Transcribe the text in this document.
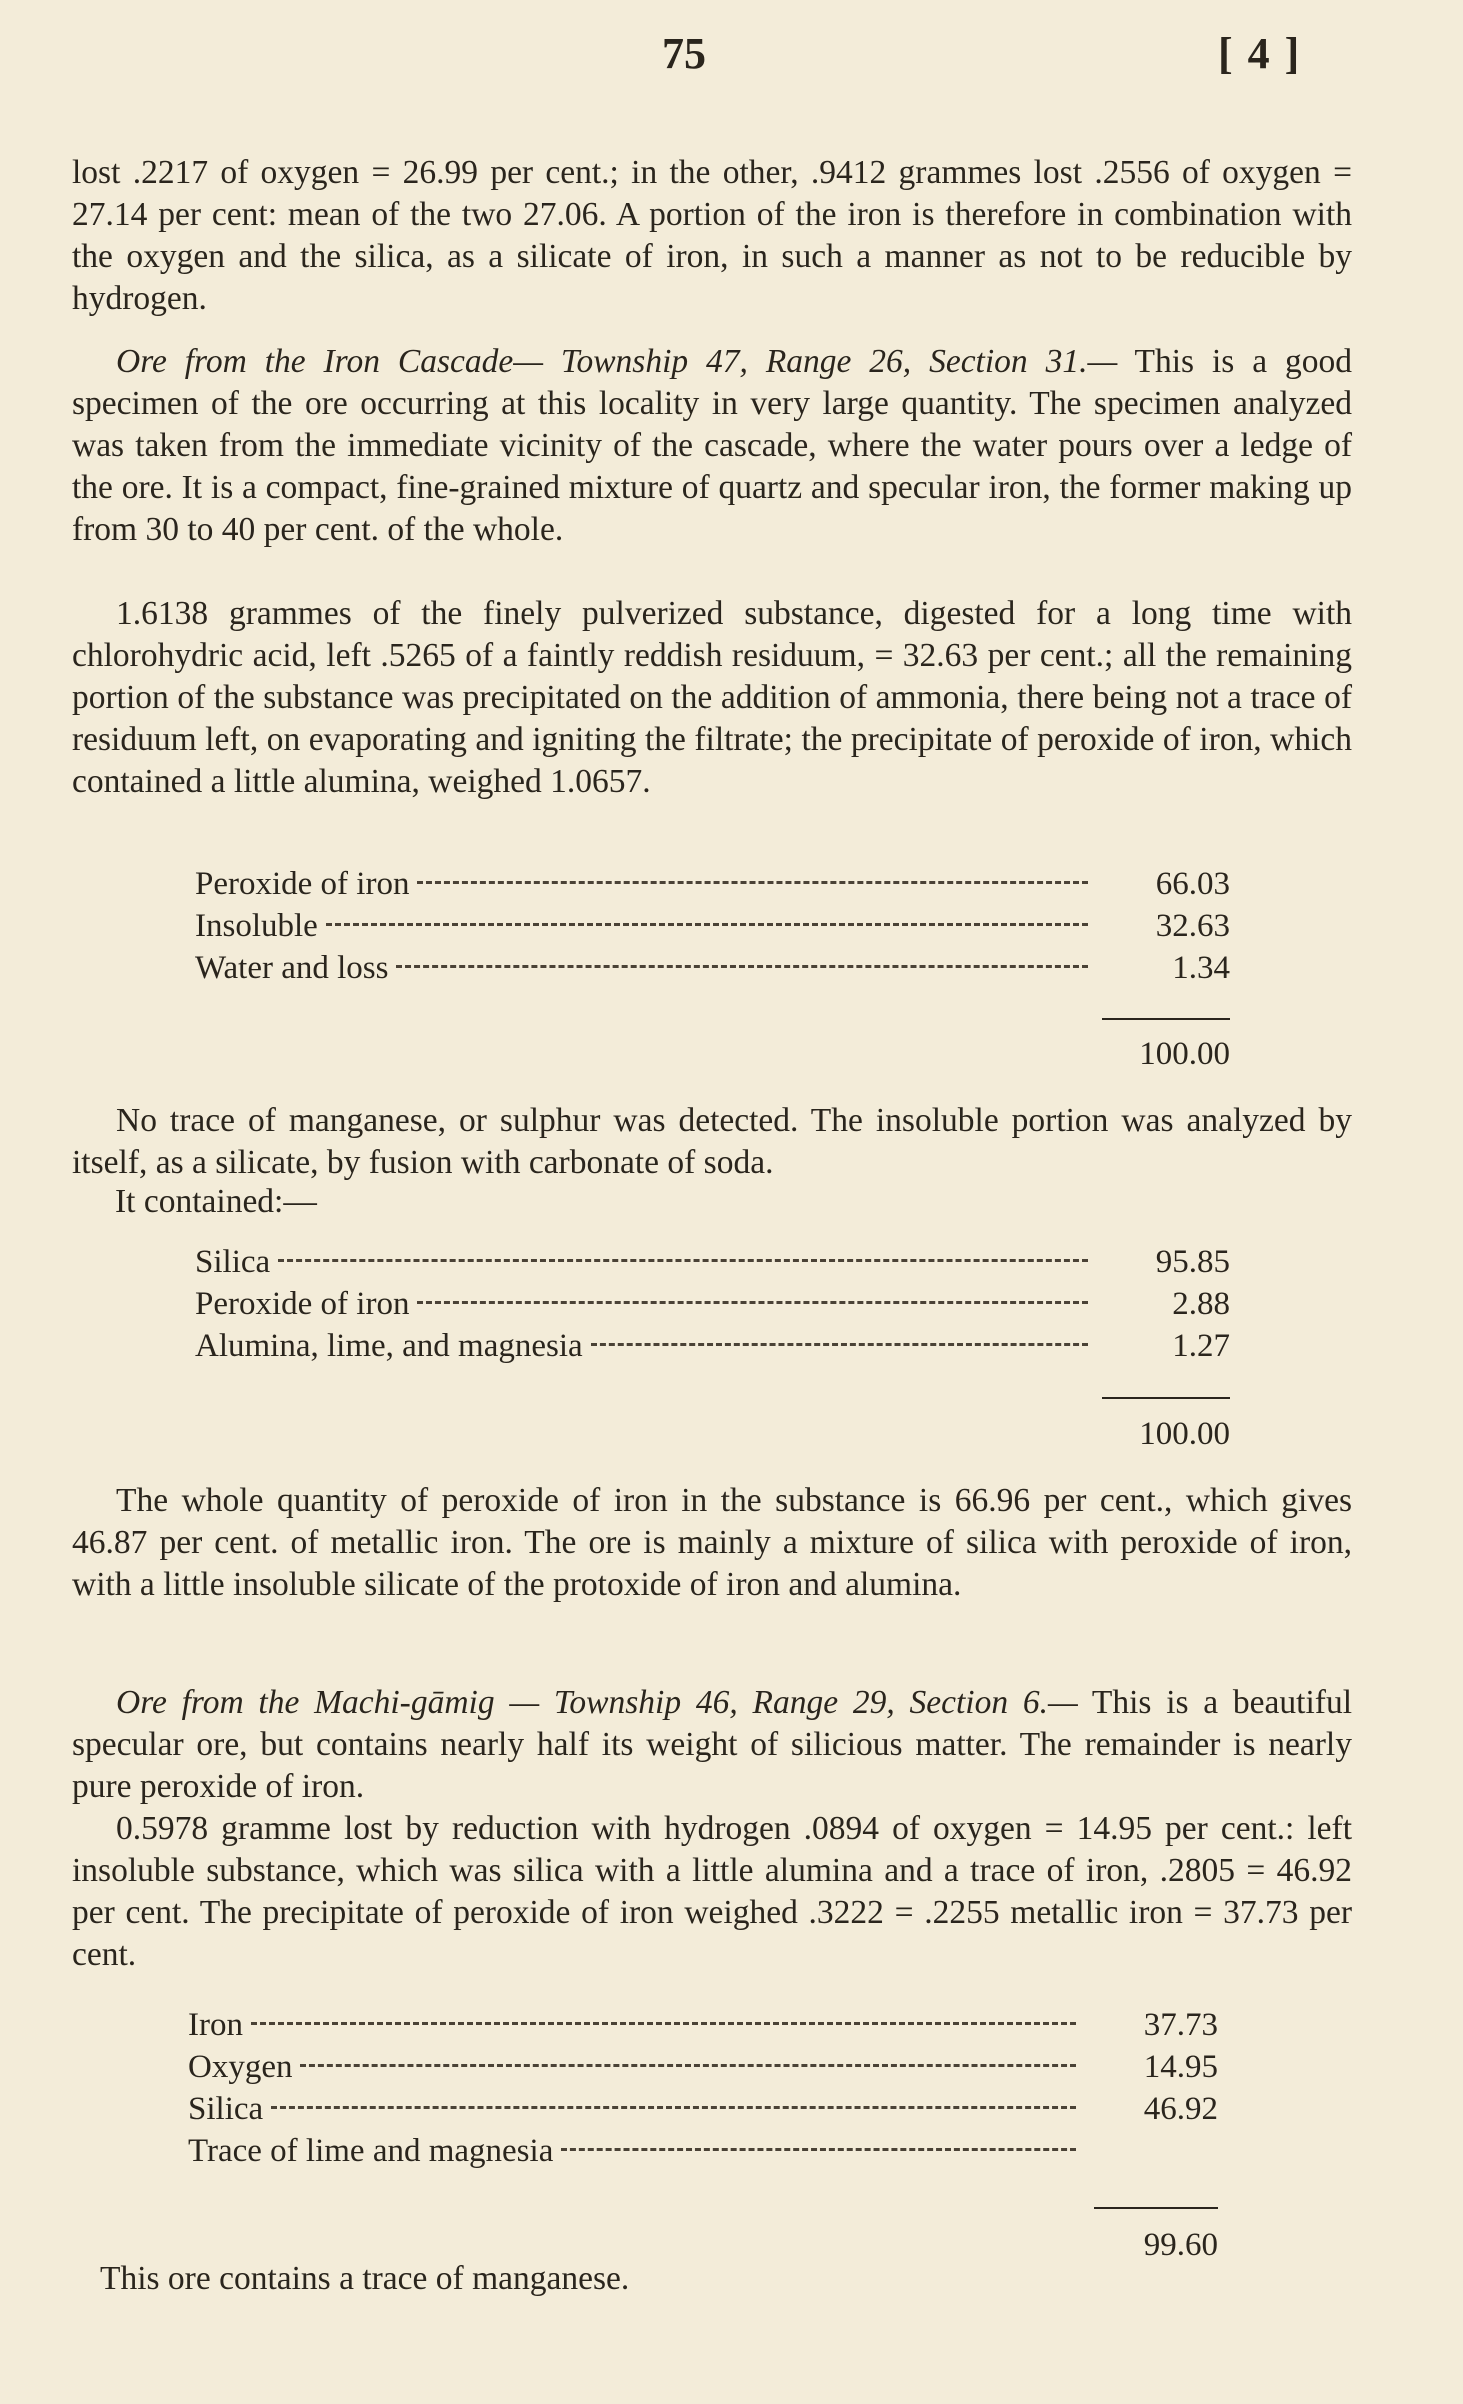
75	[ 4 ]

lost .2217 of oxygen = 26.99 per cent.; in the other, .9412 grammes lost .2556 of oxygen = 27.14 per cent: mean of the two 27.06. A portion of the iron is therefore in combination with the oxygen and the silica, as a silicate of iron, in such a manner as not to be reducible by hydrogen.

Ore from the Iron Cascade— Township 47, Range 26, Section 31.— This is a good specimen of the ore occurring at this locality in very large quantity. The specimen analyzed was taken from the immediate vicinity of the cascade, where the water pours over a ledge of the ore. It is a compact, fine-grained mixture of quartz and specular iron, the former making up from 30 to 40 per cent. of the whole.

1.6138 grammes of the finely pulverized substance, digested for a long time with chlorohydric acid, left .5265 of a faintly reddish residuum, = 32.63 per cent.; all the remaining portion of the substance was precipitated on the addition of ammonia, there being not a trace of residuum left, on evaporating and igniting the filtrate; the precipitate of peroxide of iron, which contained a little alumina, weighed 1.0657.

Peroxide of iron	66.03
Insoluble	32.63
Water and loss	1.34
100.00

No trace of manganese, or sulphur was detected. The insoluble portion was analyzed by itself, as a silicate, by fusion with carbonate of soda.

It contained:—
Silica	95.85
Peroxide of iron	2.88
Alumina, lime, and magnesia	1.27
100.00

The whole quantity of peroxide of iron in the substance is 66.96 per cent., which gives 46.87 per cent. of metallic iron. The ore is mainly a mixture of silica with peroxide of iron, with a little insoluble silicate of the protoxide of iron and alumina.

Ore from the Machi-gāmig — Township 46, Range 29, Section 6.— This is a beautiful specular ore, but contains nearly half its weight of silicious matter. The remainder is nearly pure peroxide of iron.

0.5978 gramme lost by reduction with hydrogen .0894 of oxygen = 14.95 per cent.: left insoluble substance, which was silica with a little alumina and a trace of iron, .2805 = 46.92 per cent. The precipitate of peroxide of iron weighed .3222 = .2255 metallic iron = 37.73 per cent.

Iron	37.73
Oxygen	14.95
Silica	46.92
Trace of lime and magnesia
99.60
This ore contains a trace of manganese.
